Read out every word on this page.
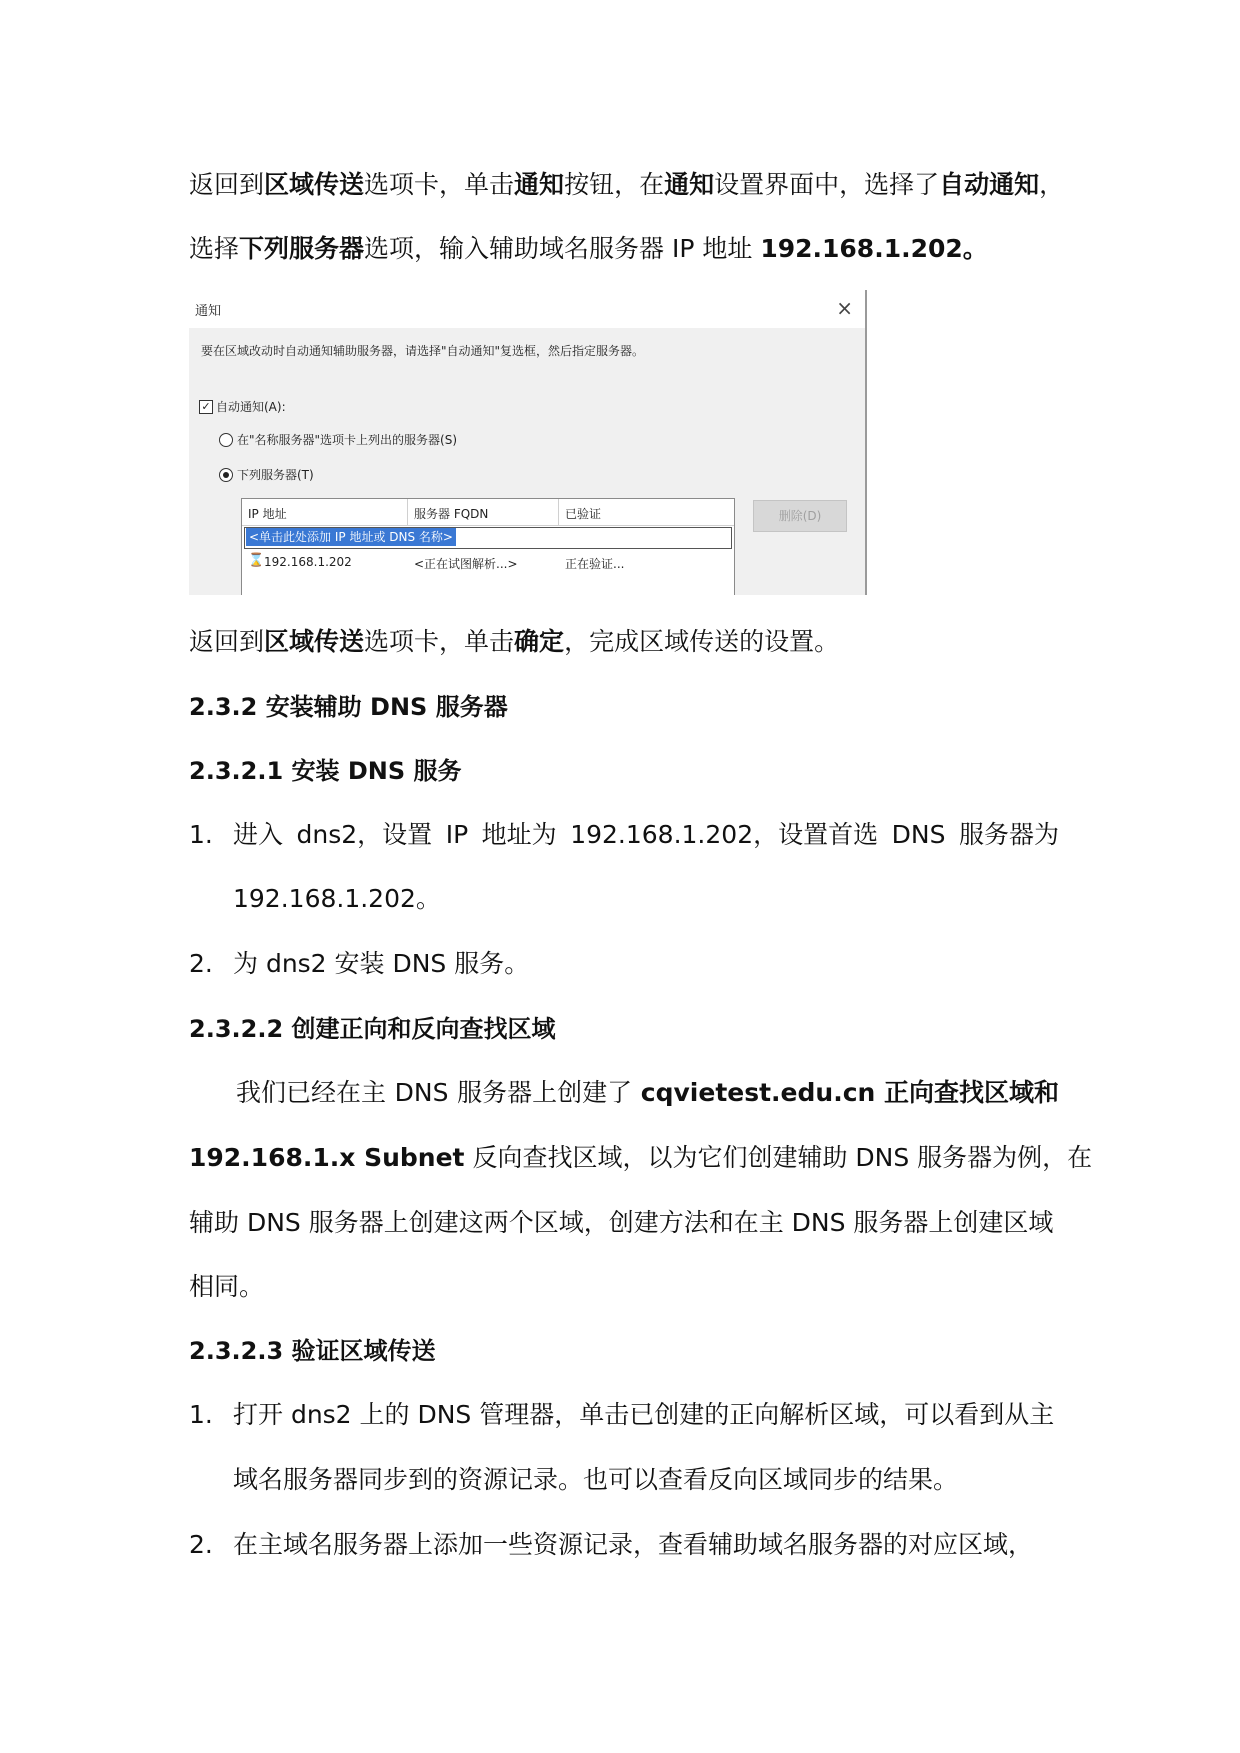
返回到区域传送选项卡，单击通知按钮，在通知设置界面中，选择了自动通知，
选择下列服务器选项，输入辅助域名服务器 IP 地址 192.168.1.202。
通知	×
要在区域改动时自动通知辅助服务器，请选择"自动通知"复选框，然后指定服务器。
✓ 自动通知(A):
在"名称服务器"选项卡上列出的服务器(S)
下列服务器(T)
IP 地址	服务器 FQDN	已验证
<单击此处添加 IP 地址或 DNS 名称>
⌛ 192.168.1.202	<正在试图解析...>	正在验证...
删除(D)
返回到区域传送选项卡，单击确定，完成区域传送的设置。
2.3.2 安装辅助 DNS 服务器
2.3.2.1 安装 DNS 服务
1. 进入 dns2，设置 IP 地址为 192.168.1.202，设置首选 DNS 服务器为
192.168.1.202。
2. 为 dns2 安装 DNS 服务。
2.3.2.2 创建正向和反向查找区域
我们已经在主 DNS 服务器上创建了 cqvietest.edu.cn 正向查找区域和
192.168.1.x Subnet 反向查找区域，以为它们创建辅助 DNS 服务器为例，在
辅助 DNS 服务器上创建这两个区域，创建方法和在主 DNS 服务器上创建区域
相同。
2.3.2.3 验证区域传送
1. 打开 dns2 上的 DNS 管理器，单击已创建的正向解析区域，可以看到从主
域名服务器同步到的资源记录。也可以查看反向区域同步的结果。
2. 在主域名服务器上添加一些资源记录，查看辅助域名服务器的对应区域，
